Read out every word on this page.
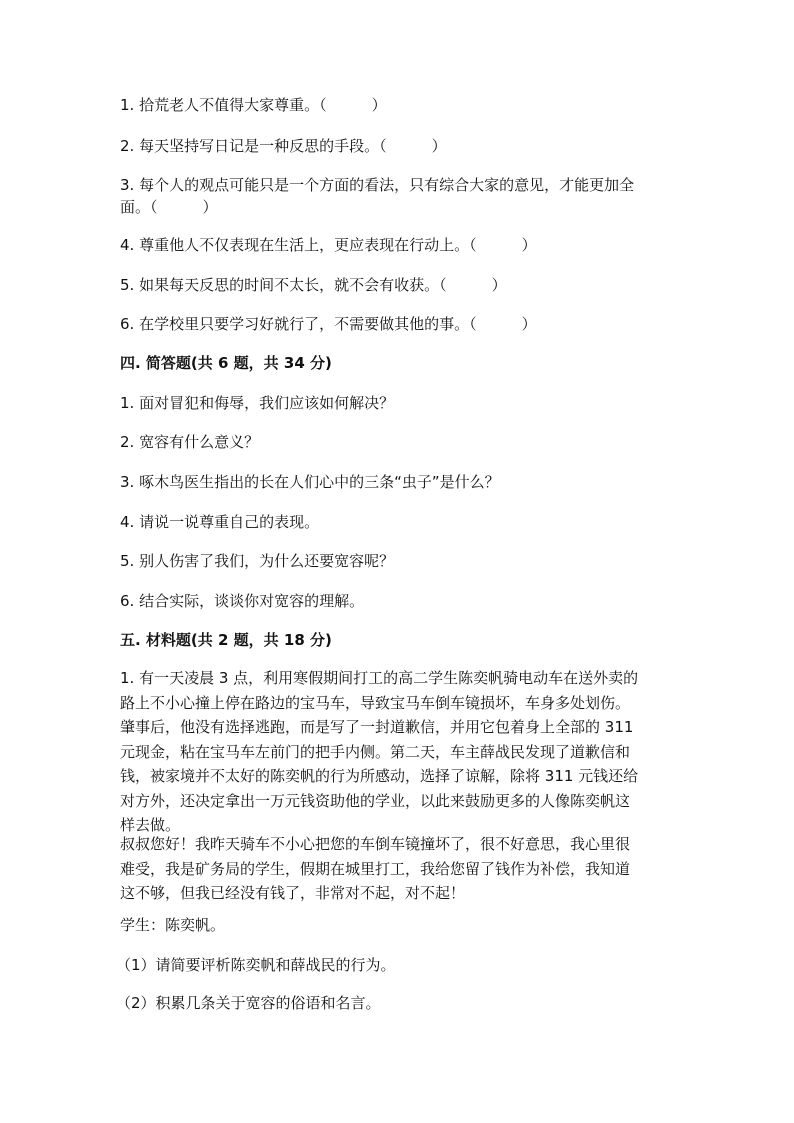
1. 拾荒老人不值得大家尊重。（　　　）
2. 每天坚持写日记是一种反思的手段。（　　　）
3. 每个人的观点可能只是一个方面的看法，只有综合大家的意见，才能更加全
面。（　　　）
4. 尊重他人不仅表现在生活上，更应表现在行动上。（　　　）
5. 如果每天反思的时间不太长，就不会有收获。（　　　）
6. 在学校里只要学习好就行了，不需要做其他的事。（　　　）
四. 简答题(共 6 题，共 34 分)
1. 面对冒犯和侮辱，我们应该如何解决？
2. 宽容有什么意义？
3. 啄木鸟医生指出的长在人们心中的三条“虫子”是什么？
4. 请说一说尊重自己的表现。
5. 别人伤害了我们，为什么还要宽容呢？
6. 结合实际，谈谈你对宽容的理解。
五. 材料题(共 2 题，共 18 分)
1. 有一天凌晨 3 点，利用寒假期间打工的高二学生陈奕帆骑电动车在送外卖的
路上不小心撞上停在路边的宝马车，导致宝马车倒车镜损坏，车身多处划伤。
肇事后，他没有选择逃跑，而是写了一封道歉信，并用它包着身上全部的 311
元现金，粘在宝马车左前门的把手内侧。第二天，车主薛战民发现了道歉信和
钱，被家境并不太好的陈奕帆的行为所感动，选择了谅解，除将 311 元钱还给
对方外，还决定拿出一万元钱资助他的学业，以此来鼓励更多的人像陈奕帆这
样去做。
叔叔您好！我昨天骑车不小心把您的车倒车镜撞坏了，很不好意思，我心里很
难受，我是矿务局的学生，假期在城里打工，我给您留了钱作为补偿，我知道
这不够，但我已经没有钱了，非常对不起，对不起！
学生：陈奕帆。
（1）请简要评析陈奕帆和薛战民的行为。
（2）积累几条关于宽容的俗语和名言。
